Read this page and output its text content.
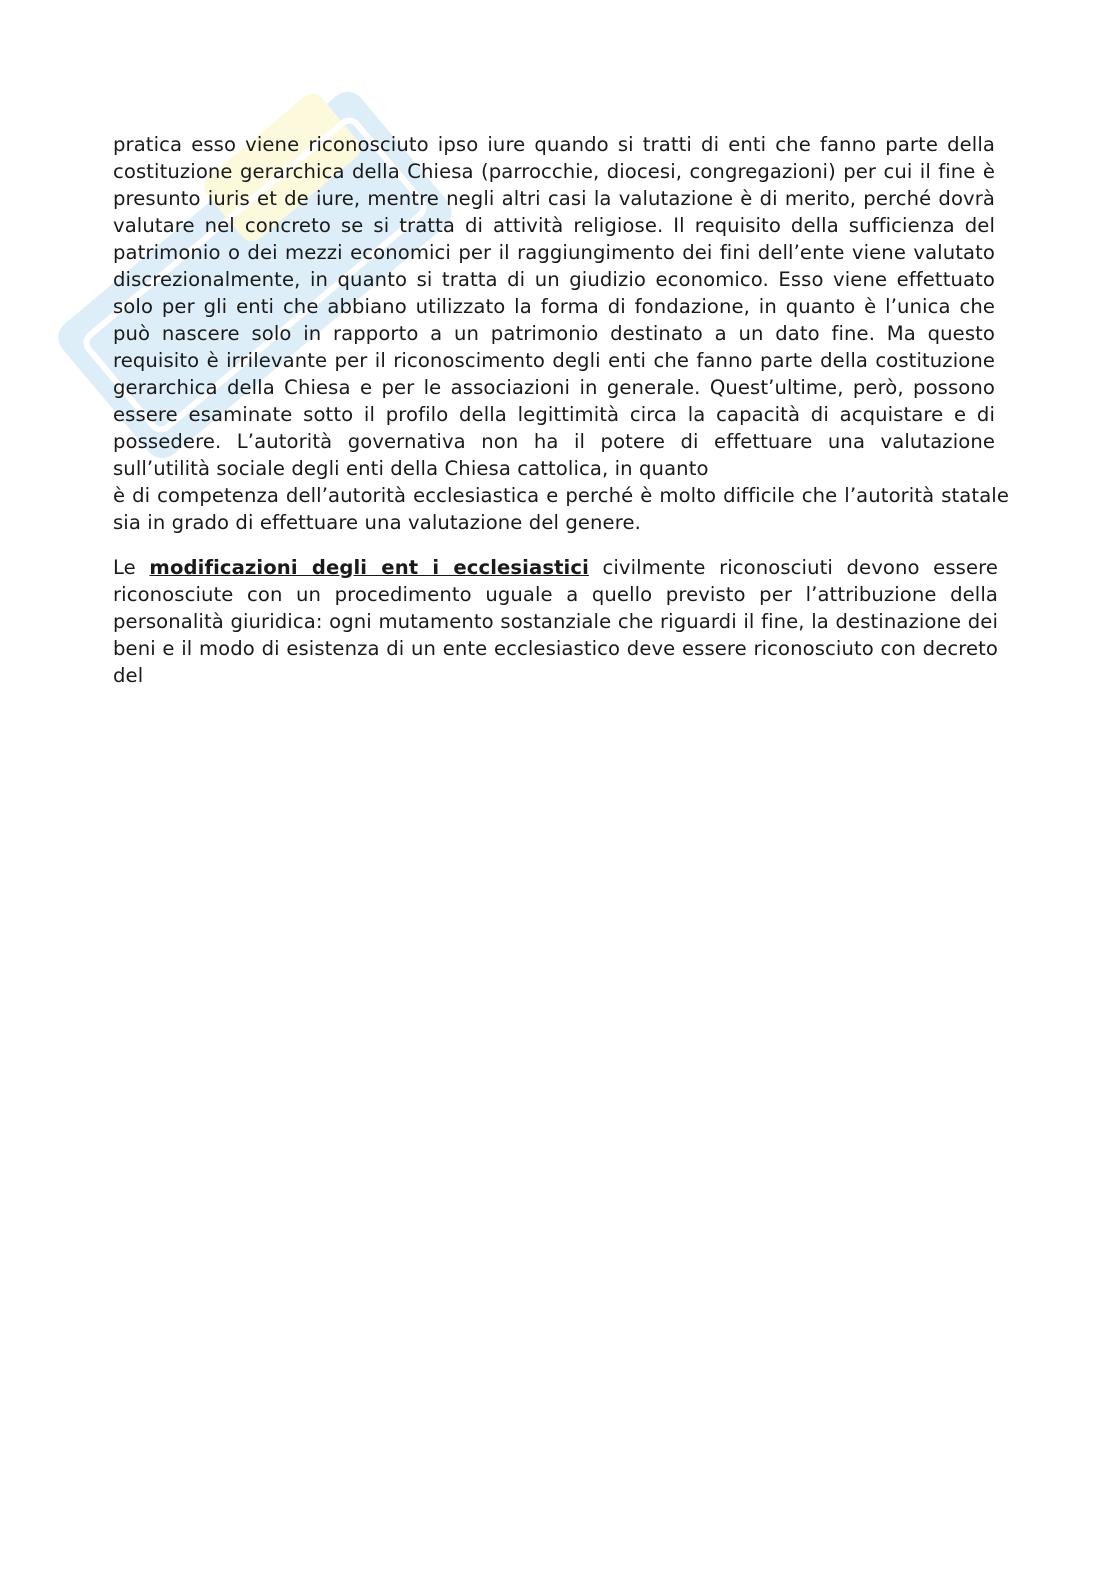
pratica esso viene riconosciuto ipso iure quando si tratti di enti che fanno parte della costituzione gerarchica della Chiesa (parrocchie, diocesi, congregazioni) per cui il fine è presunto iuris et de iure, mentre negli altri casi la valutazione è di merito, perché dovrà valutare nel concreto se si tratta di attività religiose. Il requisito della sufficienza del patrimonio o dei mezzi economici per il raggiungimento dei fini dell’ente viene valutato discrezionalmente, in quanto si tratta di un giudizio economico. Esso viene effettuato solo per gli enti che abbiano utilizzato la forma di fondazione, in quanto è l’unica che può nascere solo in rapporto a un patrimonio destinato a un dato fine. Ma questo requisito è irrilevante per il riconoscimento degli enti che fanno parte della costituzione gerarchica della Chiesa e per le associazioni in generale. Quest’ultime, però, possono essere esaminate sotto il profilo della legittimità circa la capacità di acquistare e di possedere. L’autorità governativa non ha il potere di effettuare una valutazione sull’utilità sociale degli enti della Chiesa cattolica, in quanto

è di competenza dell’autorità ecclesiastica e perché è molto difficile che l’autorità statale sia in grado di effettuare una valutazione del genere.

Le modificazioni degli ent i ecclesiastici civilmente riconosciuti devono essere riconosciute con un procedimento uguale a quello previsto per l’attribuzione della personalità giuridica: ogni mutamento sostanziale che riguardi il fine, la destinazione dei beni e il modo di esistenza di un ente ecclesiastico deve essere riconosciuto con decreto del
